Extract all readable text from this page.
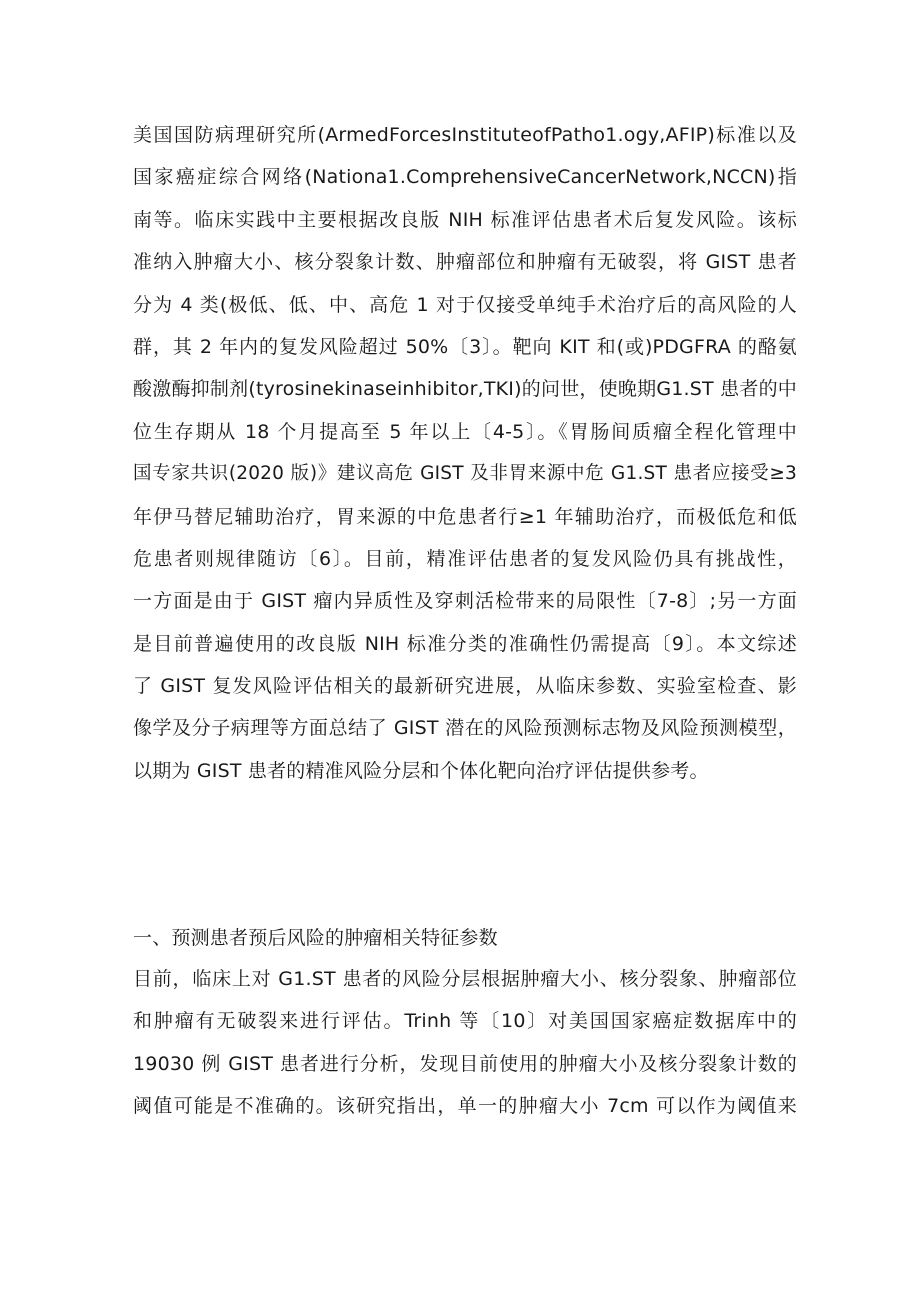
美国国防病理研究所(ArmedForcesInstituteofPatho1.ogy,AFIP)标准以及
国家癌症综合网络(Nationa1.ComprehensiveCancerNetwork,NCCN)指
南等。临床实践中主要根据改良版 NIH 标准评估患者术后复发风险。该标
准纳入肿瘤大小、核分裂象计数、肿瘤部位和肿瘤有无破裂，将 GIST 患者
分为 4 类(极低、低、中、高危 1 对于仅接受单纯手术治疗后的高风险的人
群，其 2 年内的复发风险超过 50%〔3〕。靶向 KIT 和(或)PDGFRA 的酪氨
酸激酶抑制剂(tyrosinekinaseinhibitor,TKI)的问世，使晚期G1.ST 患者的中
位生存期从 18 个月提高至 5 年以上〔4-5〕。《胃肠间质瘤全程化管理中
国专家共识(2020 版)》建议高危 GIST 及非胃来源中危 G1.ST 患者应接受≥3
年伊马替尼辅助治疗，胃来源的中危患者行≥1 年辅助治疗，而极低危和低
危患者则规律随访〔6〕。目前，精准评估患者的复发风险仍具有挑战性，
一方面是由于 GIST 瘤内异质性及穿刺活检带来的局限性〔7-8〕;另一方面
是目前普遍使用的改良版 NIH 标准分类的准确性仍需提高〔9〕。本文综述
了 GIST 复发风险评估相关的最新研究进展，从临床参数、实验室检查、影
像学及分子病理等方面总结了 GIST 潜在的风险预测标志物及风险预测模型，
以期为 GIST 患者的精准风险分层和个体化靶向治疗评估提供参考。
一、预测患者预后风险的肿瘤相关特征参数
目前，临床上对 G1.ST 患者的风险分层根据肿瘤大小、核分裂象、肿瘤部位
和肿瘤有无破裂来进行评估。Trinh 等〔10〕对美国国家癌症数据库中的
19030 例 GIST 患者进行分析，发现目前使用的肿瘤大小及核分裂象计数的
阈值可能是不准确的。该研究指出，单一的肿瘤大小 7cm 可以作为阈值来
